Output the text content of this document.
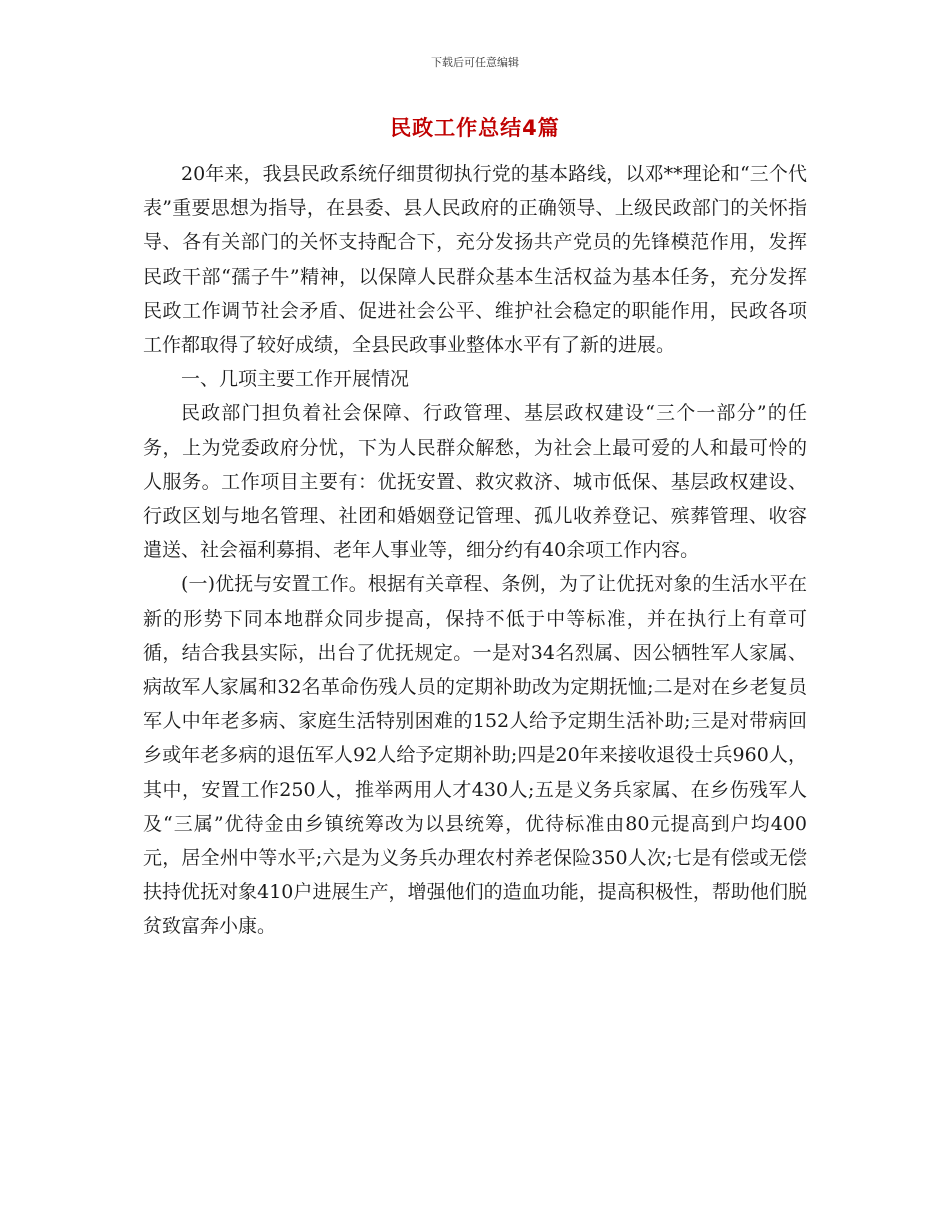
下载后可任意编辑
民政工作总结4篇

20年来，我县民政系统仔细贯彻执行党的基本路线，以邓**理论和“三个代表”重要思想为指导，在县委、县人民政府的正确领导、上级民政部门的关怀指导、各有关部门的关怀支持配合下，充分发扬共产党员的先锋模范作用，发挥民政干部“孺子牛”精神，以保障人民群众基本生活权益为基本任务，充分发挥民政工作调节社会矛盾、促进社会公平、维护社会稳定的职能作用，民政各项工作都取得了较好成绩，全县民政事业整体水平有了新的进展。

一、几项主要工作开展情况

民政部门担负着社会保障、行政管理、基层政权建设“三个一部分”的任务，上为党委政府分忧，下为人民群众解愁，为社会上最可爱的人和最可怜的人服务。工作项目主要有：优抚安置、救灾救济、城市低保、基层政权建设、行政区划与地名管理、社团和婚姻登记管理、孤儿收养登记、殡葬管理、收容遣送、社会福利募捐、老年人事业等，细分约有40余项工作内容。

(一)优抚与安置工作。根据有关章程、条例，为了让优抚对象的生活水平在新的形势下同本地群众同步提高，保持不低于中等标准，并在执行上有章可循，结合我县实际，出台了优抚规定。一是对34名烈属、因公牺牲军人家属、病故军人家属和32名革命伤残人员的定期补助改为定期抚恤;二是对在乡老复员军人中年老多病、家庭生活特别困难的152人给予定期生活补助;三是对带病回乡或年老多病的退伍军人92人给予定期补助;四是20年来接收退役士兵960人，其中，安置工作250人，推举两用人才430人;五是义务兵家属、在乡伤残军人及“三属”优待金由乡镇统筹改为以县统筹，优待标准由80元提高到户均400元，居全州中等水平;六是为义务兵办理农村养老保险350人次;七是有偿或无偿扶持优抚对象410户进展生产，增强他们的造血功能，提高积极性，帮助他们脱贫致富奔小康。
